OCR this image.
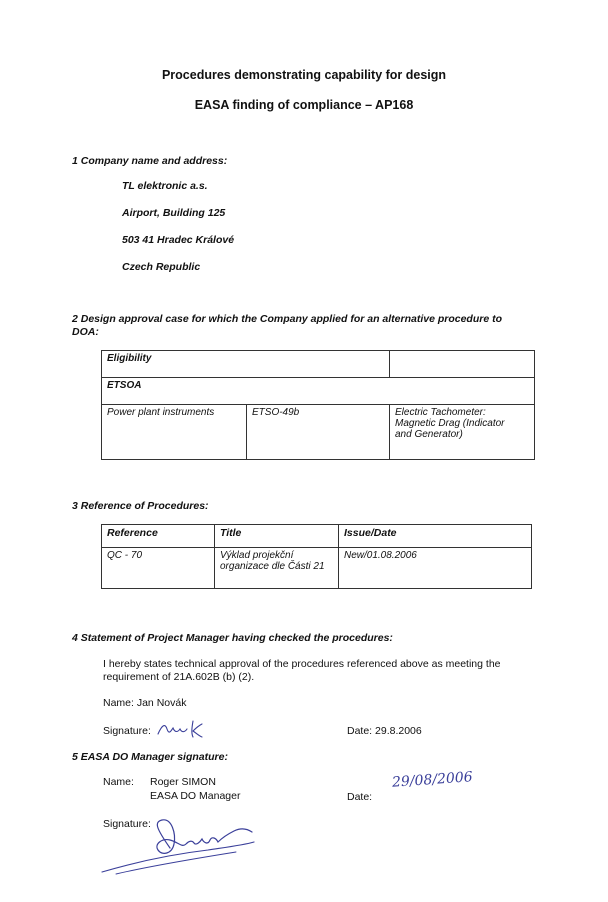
Procedures demonstrating capability for design
EASA finding of compliance – AP168
1 Company name and address:
TL elektronic a.s.
Airport, Building 125
503 41 Hradec Králové
Czech Republic
2 Design approval case for which the Company applied for an alternative procedure to
DOA:
Eligibility		
ETSOA		
Power plant instruments	ETSO-49b	Electric Tachometer:
Magnetic Drag (Indicator
and Generator)
3 Reference of Procedures:
Reference	Title	Issue/Date
QC - 70	Výklad projekční
organizace dle Části 21	New/01.08.2006
4 Statement of Project Manager having checked the procedures:
I hereby states technical approval of the procedures referenced above as meeting the
requirement of 21A.602B (b) (2).
Name: Jan Novák
Signature:	Date: 29.8.2006
5 EASA DO Manager signature:
Name: Roger SIMON
EASA DO Manager	Date:
29/08/2006
Signature:
